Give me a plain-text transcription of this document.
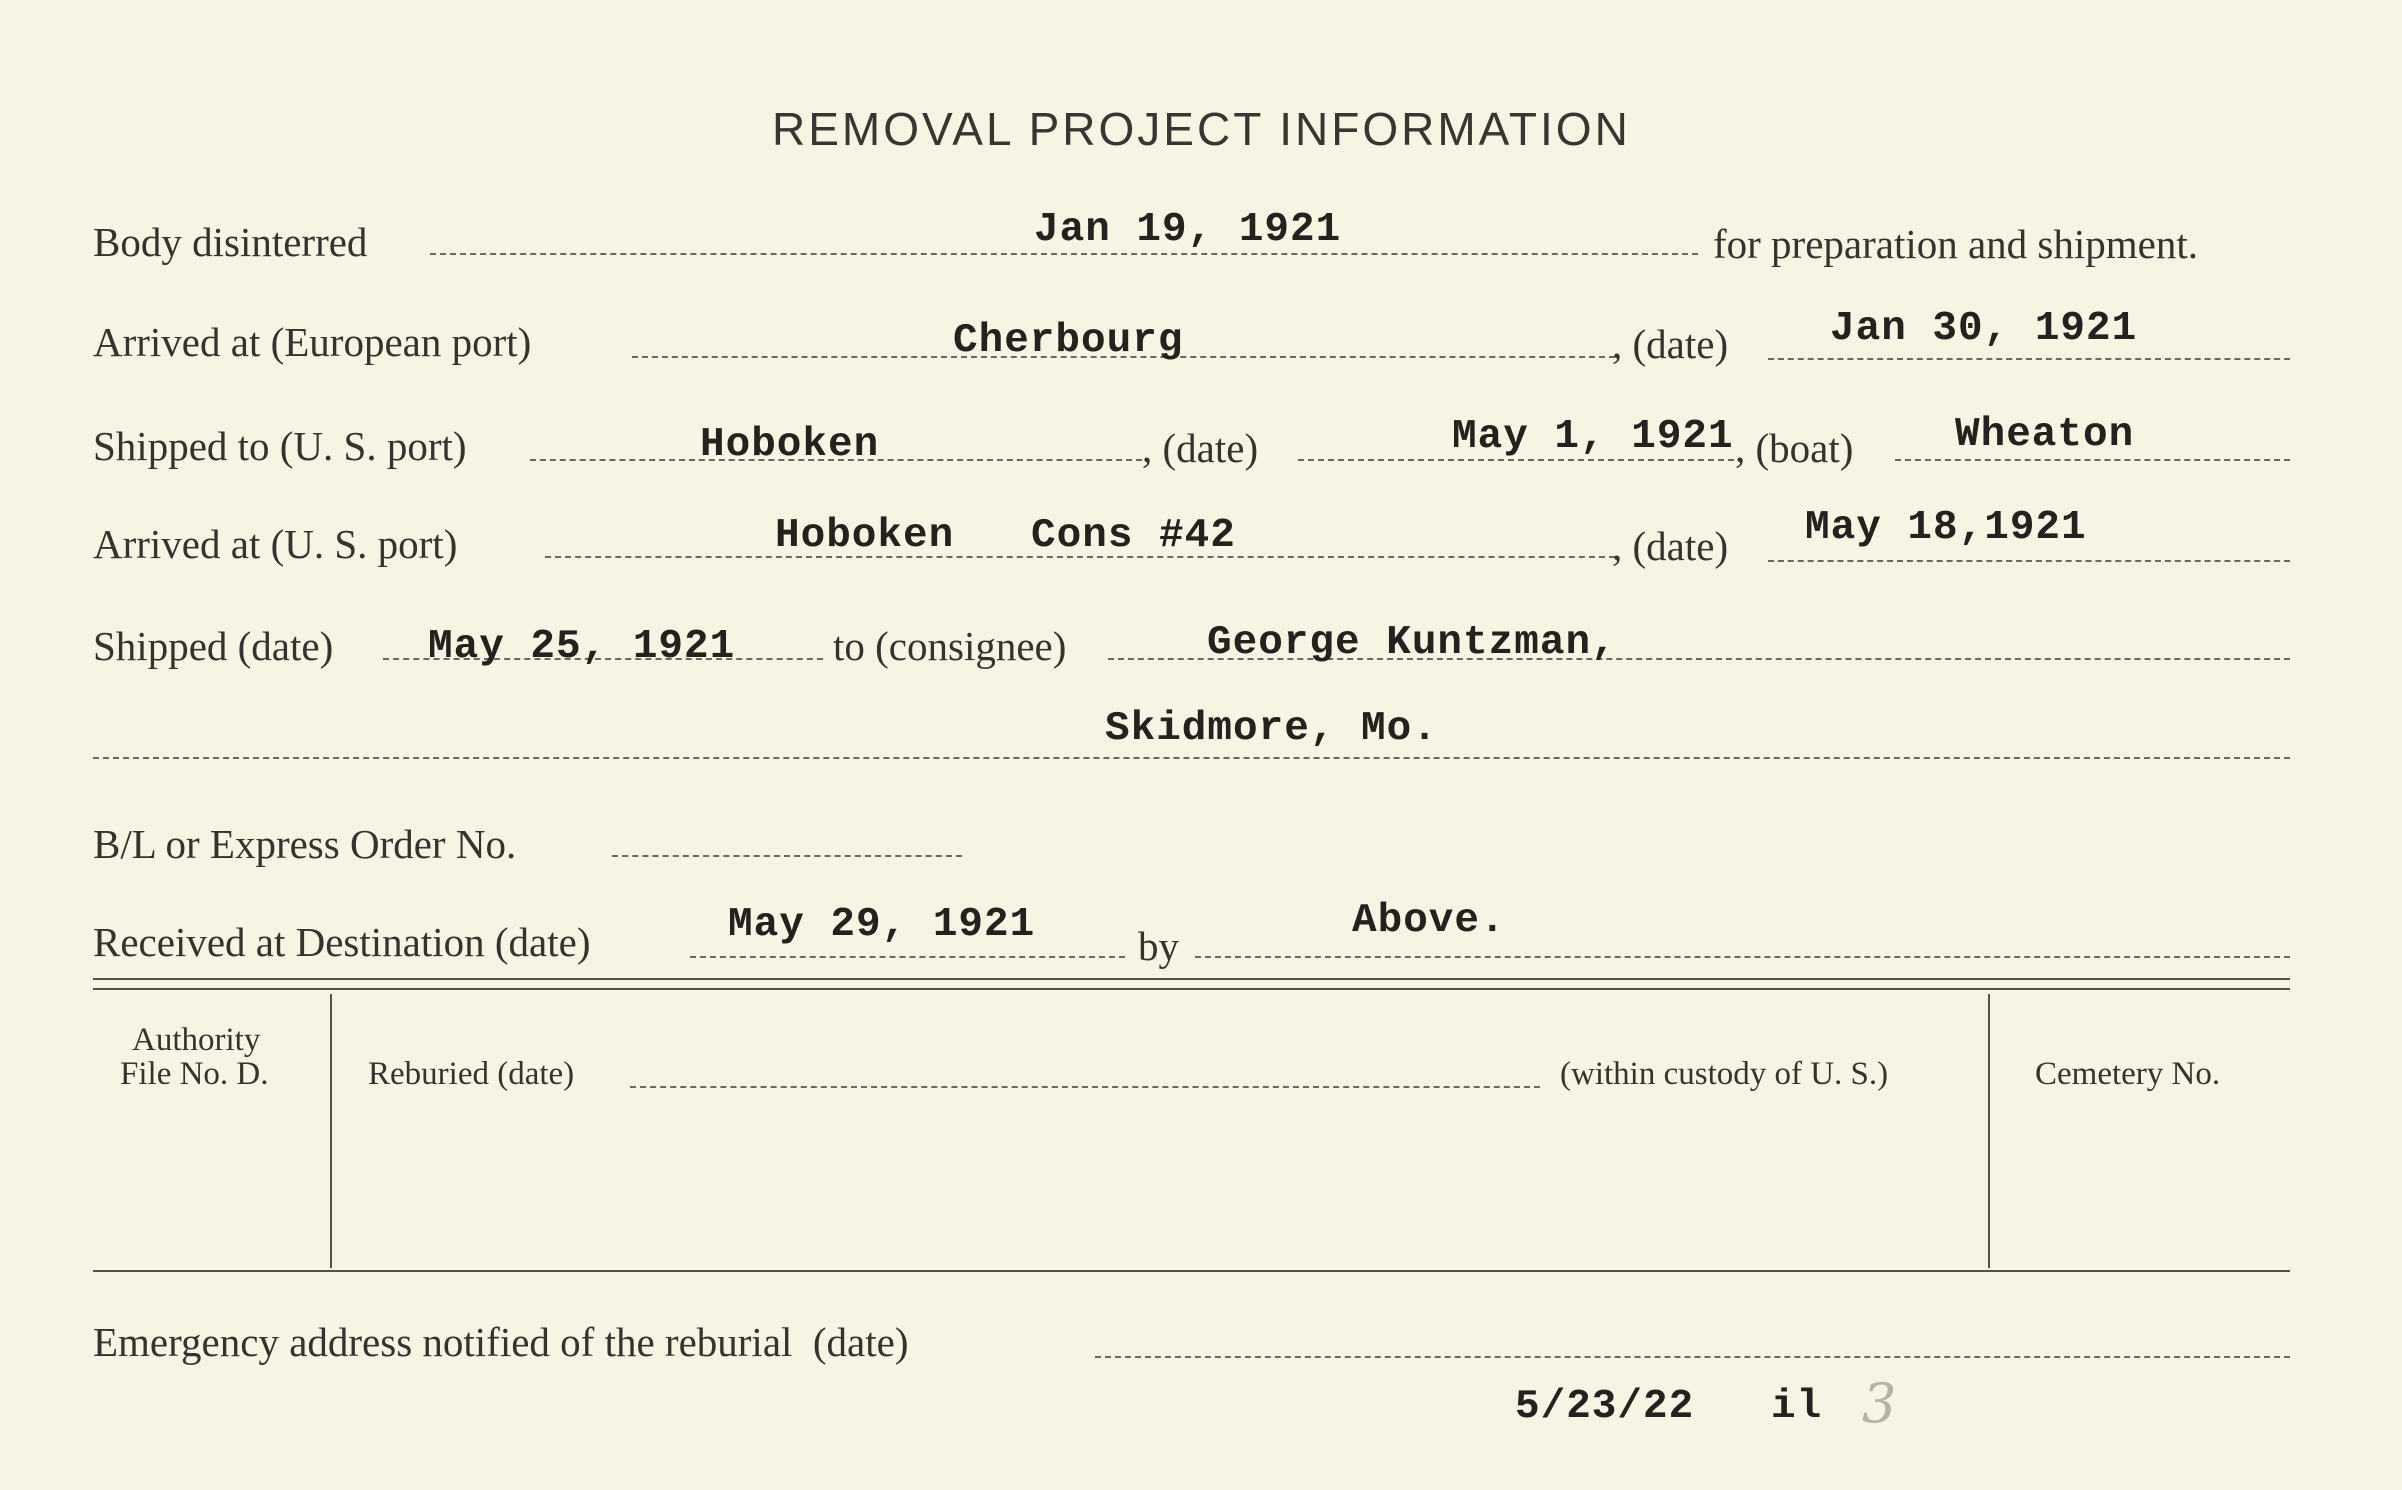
REMOVAL PROJECT INFORMATION
Body disinterred	Jan 19, 1921	for preparation and shipment.
Arrived at (European port)	Cherbourg	, (date) Jan 30, 1921
Shipped to (U. S. port)	Hoboken	, (date)	May 1, 1921 , (boat) Wheaton
Arrived at (U. S. port)	Hoboken   Cons #42	, (date) May 18,1921
Shipped (date) May 25, 1921 to (consignee)	George Kuntzman,
Skidmore, Mo.
B/L or Express Order No.
Received at Destination (date)	May 29, 1921	by
Above.
Authority
File No. D.	Reburied (date)	(within custody of U. S.)	Cemetery No.
Emergency address notified of the reburial  (date)
5/23/22   il 3
